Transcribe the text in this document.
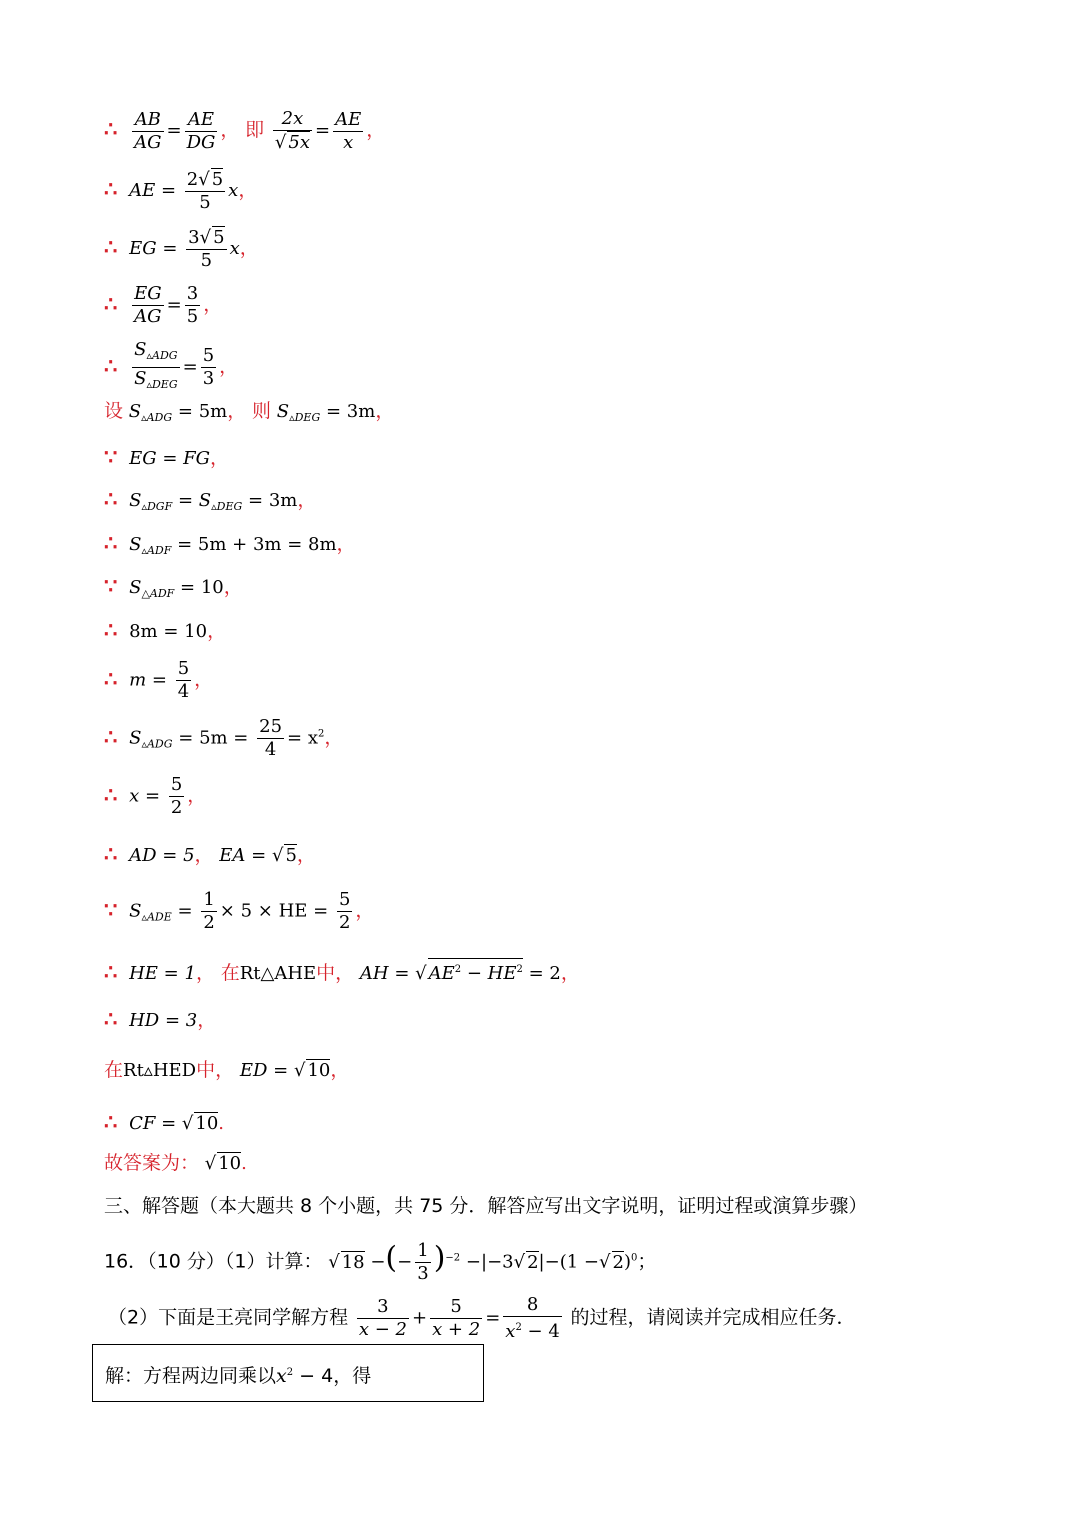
∴ $\frac{AB}{AG} = \frac{AE}{DG}$ ， 即 $\frac{2x}{√ 5x} = \frac{AE}{x}$ ，
∴ AE = $\frac{2√ 5}{5}$ x，
∴ EG = $\frac{3√ 5}{5}$ x，
∴ $\frac{EG}{AG} = \frac{3}{5}$ ，
∴ $\frac{S_{▵ADG}}{S_{▵DEG}} = \frac{5}{3}$ ，
设 $S_{▵ADG} = 5m$， 则 $S_{▵DEG} = 3m$，
∵ EG = FG，
∴ $S_{▵DGF} = S_{▵DEG} = 3m$，
∴ $S_{▵ADF} = 5m + 3m = 8m$，
∵ $S_{\triangle ADF} = 10$，
∴ 8m = 10，
∴ $m = \frac{5}{4}$ ，
∴ $S_{▵ADG} = 5m = \frac{25}{4} = x^2$，
∴ $x = \frac{5}{2}$ ，
∴ AD = 5， EA = √ 5，
∵ $S_{▵ADE} = \frac{1}{2} \times 5$ × HE = $\frac{5}{2}$ ，
∴ HE = 1， 在Rt△AHE中， AH = √ $AE^2 - HE^2 = 2$，
∴ HD = 3，
在Rt▵HED中， ED = √ 10，
∴ CF = √ 10.
故答案为： √ 10.
三、解答题（本大题共 8 个小题，共 75 分．解答应写出文字说明，证明过程或演算步骤）
16．（10 分）（1）计算： √ 18 −(− $\frac{1}{3} )^{-2} -|-3√$ 2|−(1 −√ 2)$^0$；
（2）下面是王亮同学解方程 $\frac{3}{x - 2} + \frac{5}{x + 2} = \frac{8}{x^2 - 4}$ 的过程，请阅读并完成相应任务．
解：方程两边同乘以$x^2 - 4$，得
